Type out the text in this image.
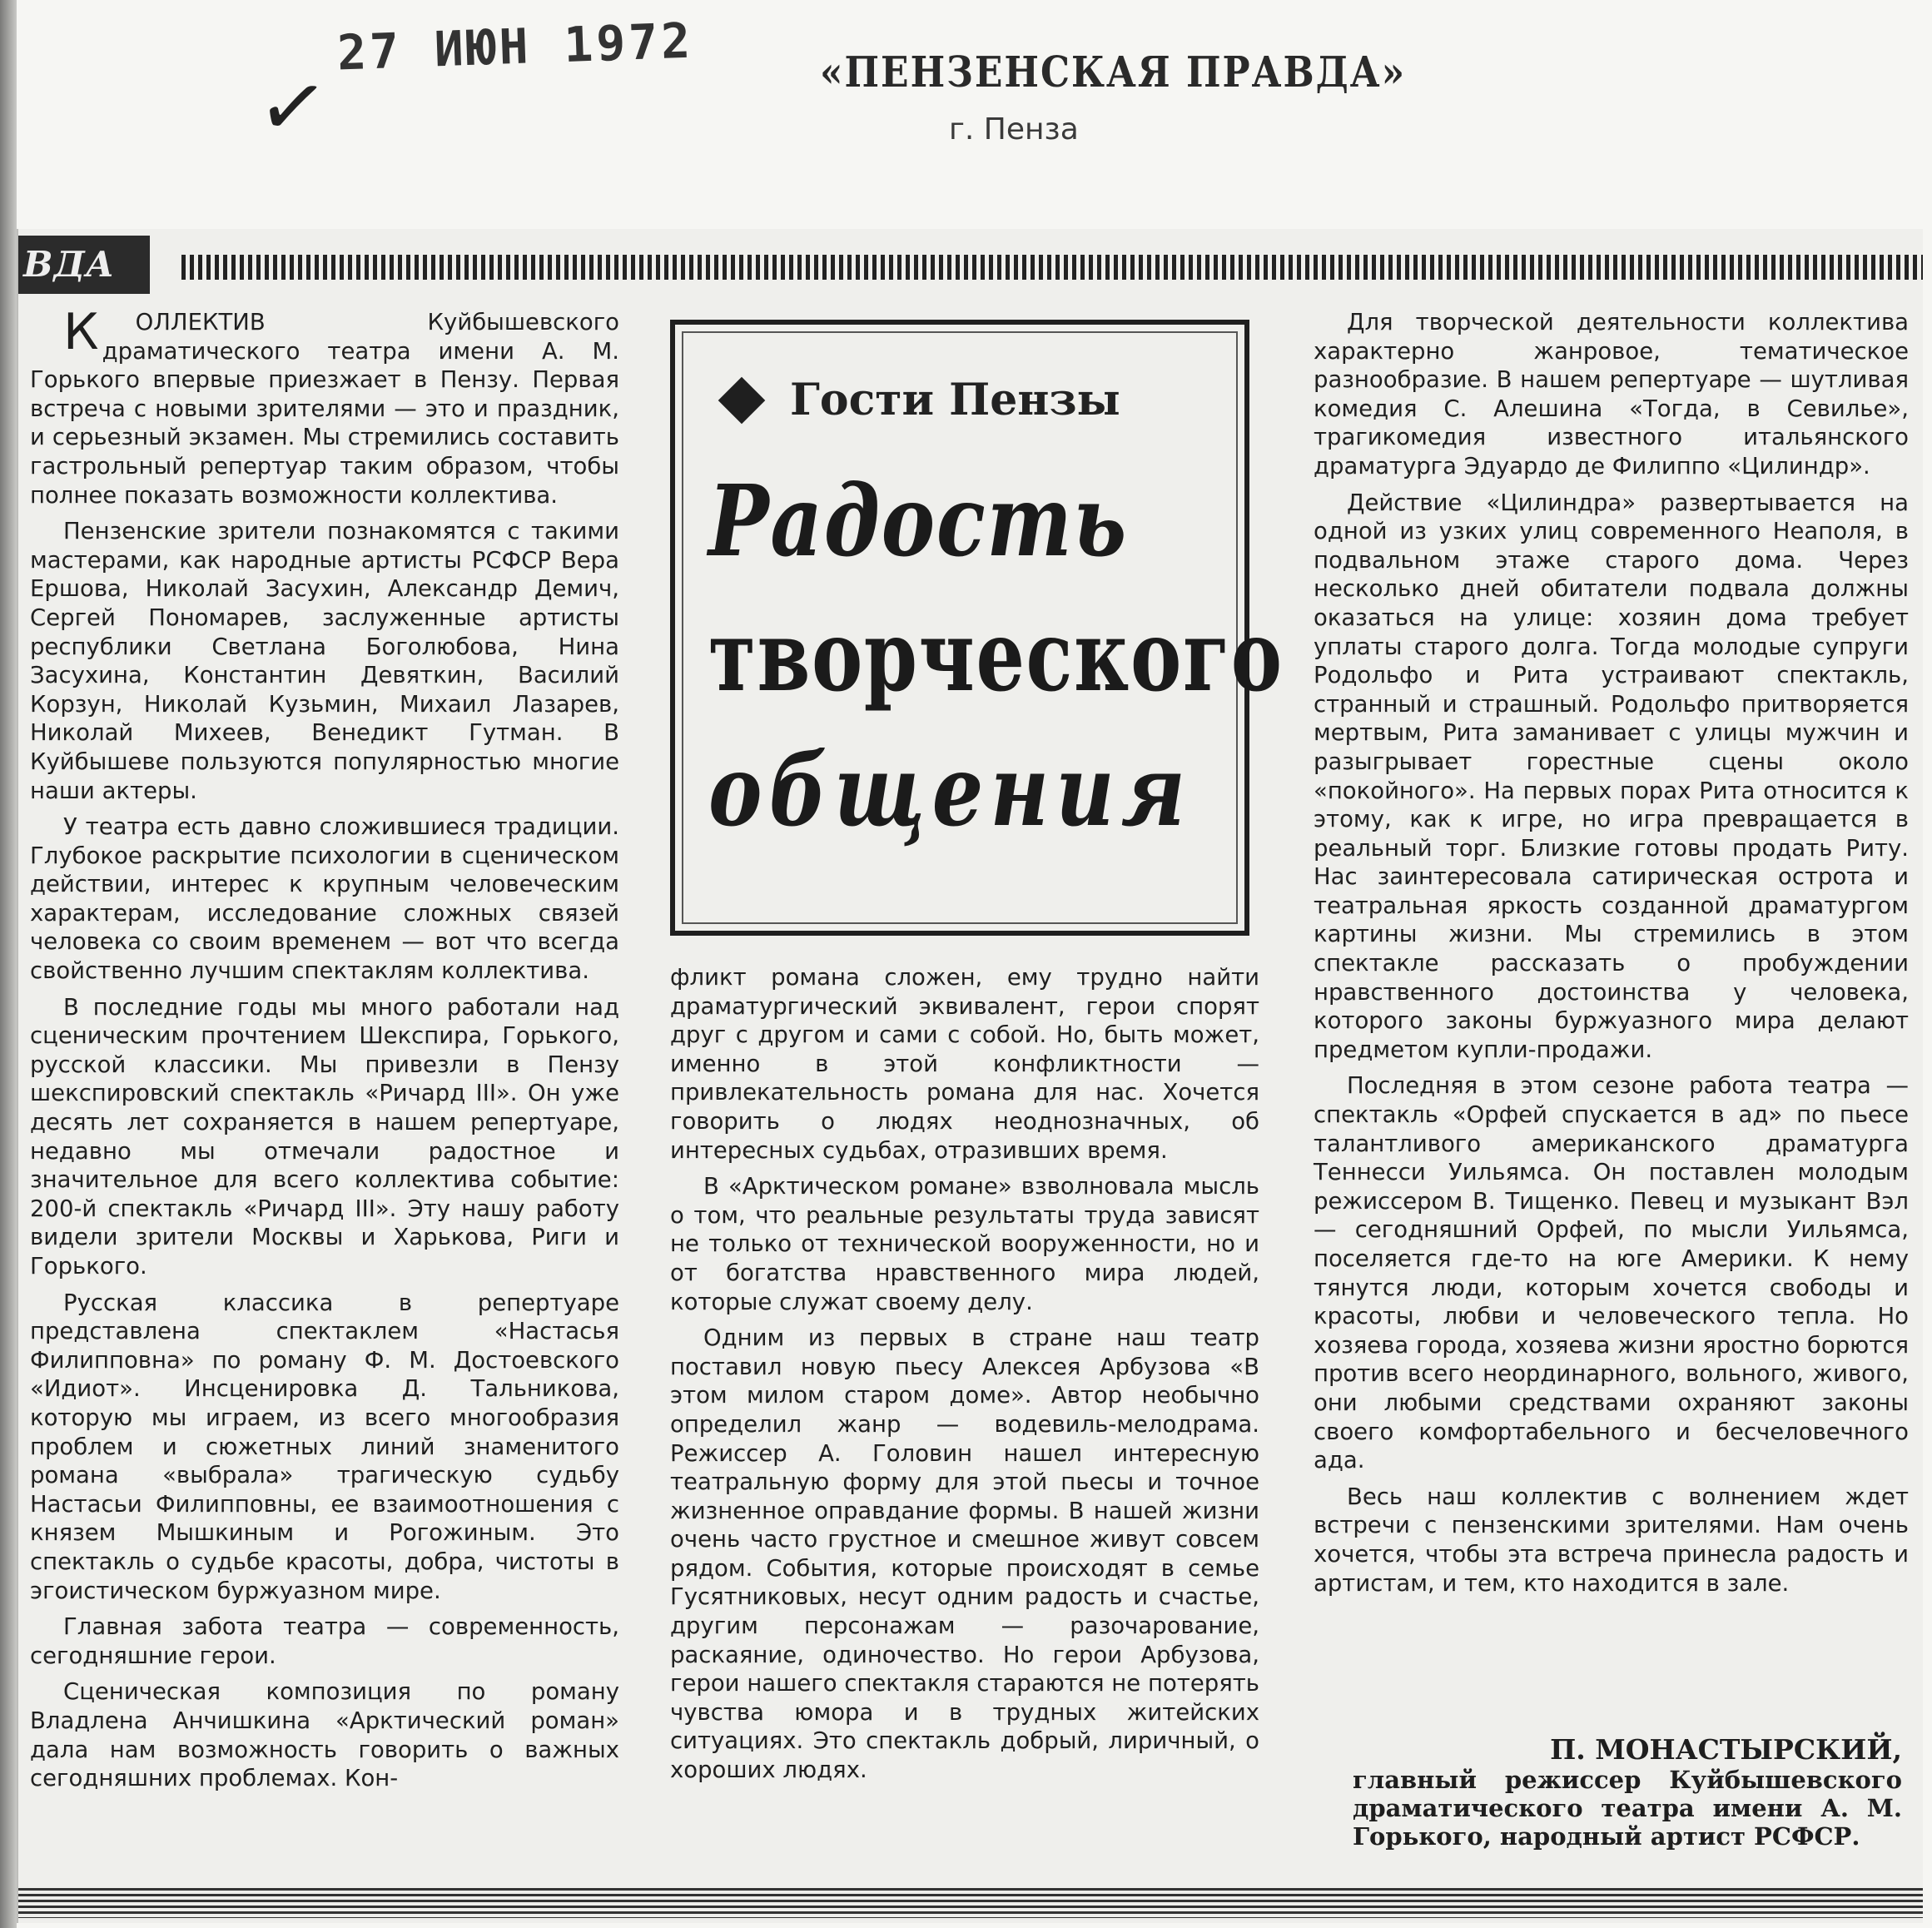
✓
27 ИЮН 1972	«ПЕНЗЕНСКАЯ ПРАВДА»
г. Пенза
ВДА

КОЛЛЕКТИВ Куйбышевского драматического театра имени А. М. Горького впервые приезжает в Пензу. Первая встреча с новыми зрителями — это и праздник, и серьезный экзамен. Мы стремились составить гастрольный репертуар таким образом, чтобы полнее показать возможности коллектива.

Пензенские зрители познакомятся с такими мастерами, как народные артисты РСФСР Вера Ершова, Николай Засухин, Александр Демич, Сергей Пономарев, заслуженные артисты республики Светлана Боголюбова, Нина Засухина, Константин Девяткин, Василий Корзун, Николай Кузьмин, Михаил Лазарев, Николай Михеев, Венедикт Гутман. В Куйбышеве пользуются популярностью многие наши актеры.

У театра есть давно сложившиеся традиции. Глубокое раскрытие психологии в сценическом действии, интерес к крупным человеческим характерам, исследование сложных связей человека со своим временем — вот что всегда свойственно лучшим спектаклям коллектива.

В последние годы мы много работали над сценическим прочтением Шекспира, Горького, русской классики. Мы привезли в Пензу шекспировский спектакль «Ричард III». Он уже десять лет сохраняется в нашем репертуаре, недавно мы отмечали радостное и значительное для всего коллектива событие: 200-й спектакль «Ричард III». Эту нашу работу видели зрители Москвы и Харькова, Риги и Горького.

Русская классика в репертуаре представлена спектаклем «Настасья Филипповна» по роману Ф. М. Достоевского «Идиот». Инсценировка Д. Тальникова, которую мы играем, из всего многообразия проблем и сюжетных линий знаменитого романа «выбрала» трагическую судьбу Настасьи Филипповны, ее взаимоотношения с князем Мышкиным и Рогожиным. Это спектакль о судьбе красоты, добра, чистоты в эгоистическом буржуазном мире.

Главная забота театра — современность, сегодняшние герои.

Сценическая композиция по роману Владлена Анчишкина «Арктический роман» дала нам возможность говорить о важных сегодняшних проблемах. Кон-

Гости Пензы
Радость
творческого
общения

фликт романа сложен, ему трудно найти драматургический эквивалент, герои спорят друг с другом и сами с собой. Но, быть может, именно в этой конфликтности — привлекательность романа для нас. Хочется говорить о людях неоднозначных, об интересных судьбах, отразивших время.

В «Арктическом романе» взволновала мысль о том, что реальные результаты труда зависят не только от технической вооруженности, но и от богатства нравственного мира людей, которые служат своему делу.

Одним из первых в стране наш театр поставил новую пьесу Алексея Арбузова «В этом милом старом доме». Автор необычно определил жанр — водевиль-мелодрама. Режиссер А. Головин нашел интересную театральную форму для этой пьесы и точное жизненное оправдание формы. В нашей жизни очень часто грустное и смешное живут совсем рядом. События, которые происходят в семье Гусятниковых, несут одним радость и счастье, другим персонажам — разочарование, раскаяние, одиночество. Но герои Арбузова, герои нашего спектакля стараются не потерять чувства юмора и в трудных житейских ситуациях. Это спектакль добрый, лиричный, о хороших людях.

Для творческой деятельности коллектива характерно жанровое, тематическое разнообразие. В нашем репертуаре — шутливая комедия С. Алешина «Тогда, в Севилье», трагикомедия известного итальянского драматурга Эдуардо де Филиппо «Цилиндр».

Действие «Цилиндра» развертывается на одной из узких улиц современного Неаполя, в подвальном этаже старого дома. Через несколько дней обитатели подвала должны оказаться на улице: хозяин дома требует уплаты старого долга. Тогда молодые супруги Родольфо и Рита устраивают спектакль, странный и страшный. Родольфо притворяется мертвым, Рита заманивает с улицы мужчин и разыгрывает горестные сцены около «покойного». На первых порах Рита относится к этому, как к игре, но игра превращается в реальный торг. Близкие готовы продать Риту. Нас заинтересовала сатирическая острота и театральная яркость созданной драматургом картины жизни. Мы стремились в этом спектакле рассказать о пробуждении нравственного достоинства у человека, которого законы буржуазного мира делают предметом купли-продажи.

Последняя в этом сезоне работа театра — спектакль «Орфей спускается в ад» по пьесе талантливого американского драматурга Теннесси Уильямса. Он поставлен молодым режиссером В. Тищенко. Певец и музыкант Вэл — сегодняшний Орфей, по мысли Уильямса, поселяется где-то на юге Америки. К нему тянутся люди, которым хочется свободы и красоты, любви и человеческого тепла. Но хозяева города, хозяева жизни яростно борются против всего неординарного, вольного, живого, они любыми средствами охраняют законы своего комфортабельного и бесчеловечного ада.

Весь наш коллектив с волнением ждет встречи с пензенскими зрителями. Нам очень хочется, чтобы эта встреча принесла радость и артистам, и тем, кто находится в зале.

П. МОНАСТЫРСКИЙ,
главный режиссер Куйбышевского драматического театра имени А. М. Горького, народный артист РСФСР.
